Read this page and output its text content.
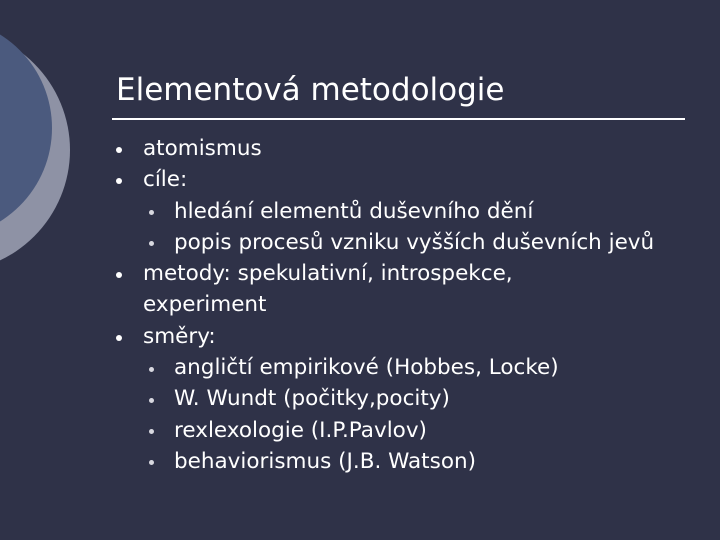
Elementová metodologie
atomismus
cíle:
hledání elementů duševního dění
popis procesů vzniku vyšších duševních jevů
metody: spekulativní, introspekce, experiment
směry:
angličtí empirikové (Hobbes, Locke)
W. Wundt (počitky,pocity)
rexlexologie (I.P.Pavlov)
behaviorismus (J.B. Watson)
